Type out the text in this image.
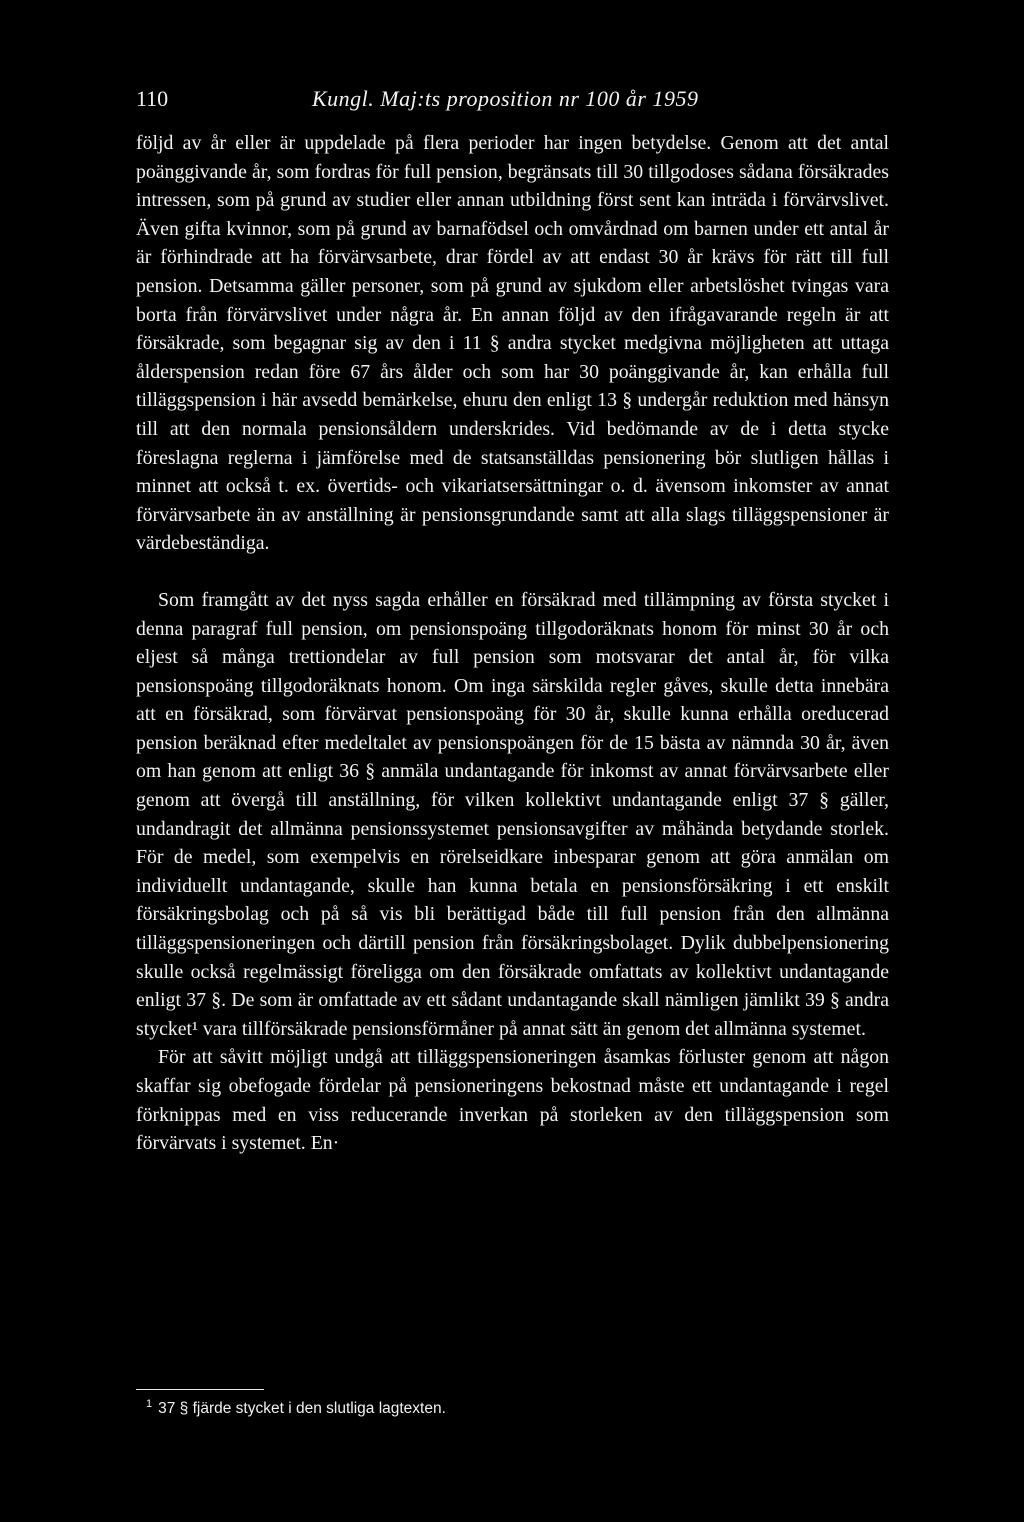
110	Kungl. Maj:ts proposition nr 100 år 1959

följd av år eller är uppdelade på flera perioder har ingen betydelse. Genom att det antal poänggivande år, som fordras för full pension, begränsats till 30 tillgodoses sådana försäkrades intressen, som på grund av studier eller annan utbildning först sent kan inträda i förvärvslivet. Även gifta kvinnor, som på grund av barnafödsel och omvårdnad om barnen under ett antal år är förhindrade att ha förvärvsarbete, drar fördel av att endast 30 år krävs för rätt till full pension. Detsamma gäller personer, som på grund av sjukdom eller arbetslöshet tvingas vara borta från förvärvslivet under några år. En annan följd av den ifrågavarande regeln är att försäkrade, som begagnar sig av den i 11 § andra stycket medgivna möjligheten att uttaga ålderspension redan före 67 års ålder och som har 30 poänggivande år, kan erhålla full tilläggspension i här avsedd bemärkelse, ehuru den enligt 13 § undergår reduktion med hänsyn till att den normala pensionsåldern underskrides. Vid bedömande av de i detta stycke föreslagna reglerna i jämförelse med de statsanställdas pensionering bör slutligen hållas i minnet att också t. ex. övertids- och vikariatsersättningar o. d. ävensom inkomster av annat förvärvsarbete än av anställning är pensionsgrundande samt att alla slags tilläggspensioner är värdebeständiga.

Som framgått av det nyss sagda erhåller en försäkrad med tillämpning av första stycket i denna paragraf full pension, om pensionspoäng tillgodoräknats honom för minst 30 år och eljest så många trettiondelar av full pension som motsvarar det antal år, för vilka pensionspoäng tillgodoräknats honom. Om inga särskilda regler gåves, skulle detta innebära att en försäkrad, som förvärvat pensionspoäng för 30 år, skulle kunna erhålla oreducerad pension beräknad efter medeltalet av pensionspoängen för de 15 bästa av nämnda 30 år, även om han genom att enligt 36 § anmäla undantagande för inkomst av annat förvärvsarbete eller genom att övergå till anställning, för vilken kollektivt undantagande enligt 37 § gäller, undandragit det allmänna pensionssystemet pensionsavgifter av måhända betydande storlek. För de medel, som exempelvis en rörelseidkare inbesparar genom att göra anmälan om individuellt undantagande, skulle han kunna betala en pensionsförsäkring i ett enskilt försäkringsbolag och på så vis bli berättigad både till full pension från den allmänna tilläggspensioneringen och därtill pension från försäkringsbolaget. Dylik dubbelpensionering skulle också regelmässigt föreligga om den försäkrade omfattats av kollektivt undantagande enligt 37 §. De som är omfattade av ett sådant undantagande skall nämligen jämlikt 39 § andra stycket¹ vara tillförsäkrade pensionsförmåner på annat sätt än genom det allmänna systemet.

För att såvitt möjligt undgå att tilläggspensioneringen åsamkas förluster genom att någon skaffar sig obefogade fördelar på pensioneringens bekostnad måste ett undantagande i regel förknippas med en viss reducerande inverkan på storleken av den tilläggspension som förvärvats i systemet. En·

$^1$ 37 § fjärde stycket i den slutliga lagtexten.
